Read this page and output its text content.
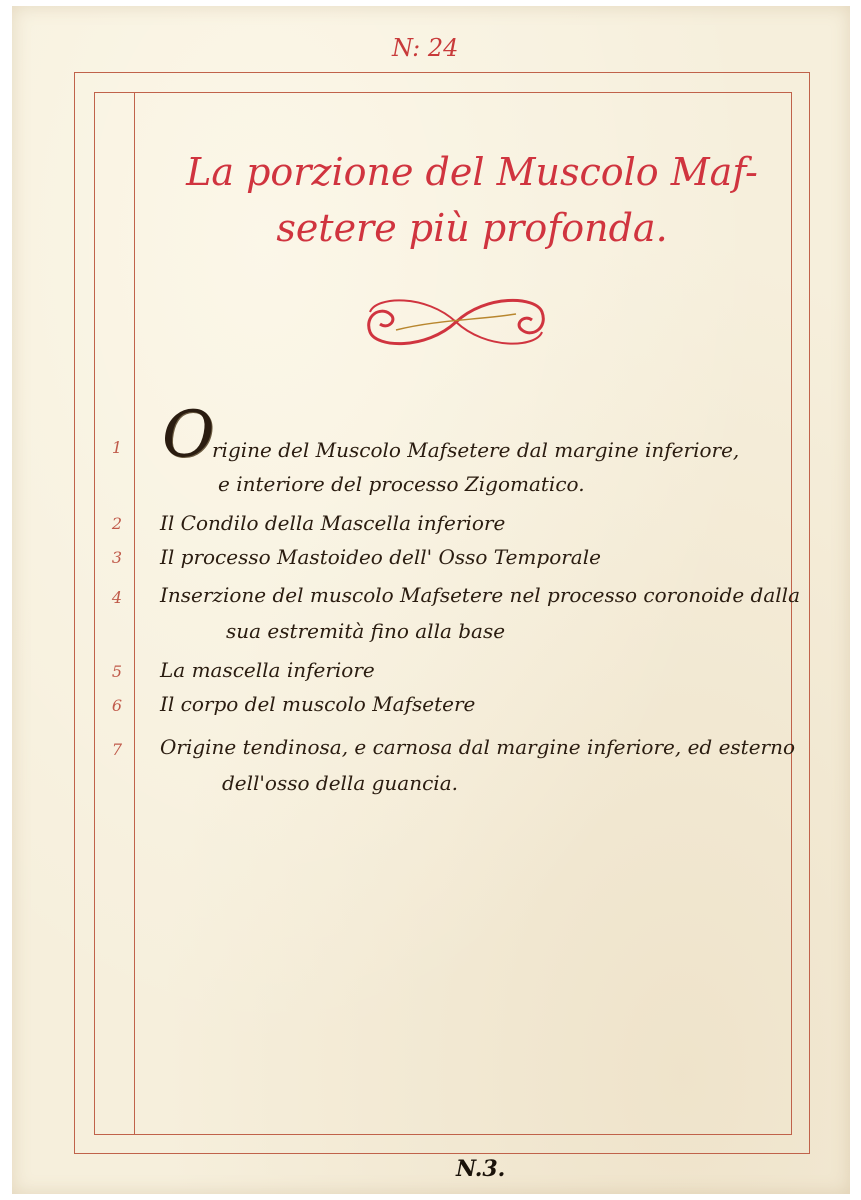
N: 24
La porzione del Muscolo Maf-
setere più profonda.
O
1	rigine del Muscolo Mafsetere dal margine inferiore,
e interiore del processo Zigomatico.
2	Il Condilo della Mascella inferiore
3	Il processo Mastoideo dell' Osso Temporale
4	Inserzione del muscolo Mafsetere nel processo coronoide dalla
sua estremità fino alla base
5	La mascella inferiore
6	Il corpo del muscolo Mafsetere
7	Origine tendinosa, e carnosa dal margine inferiore, ed esterno
dell'osso della guancia.
N.3.
